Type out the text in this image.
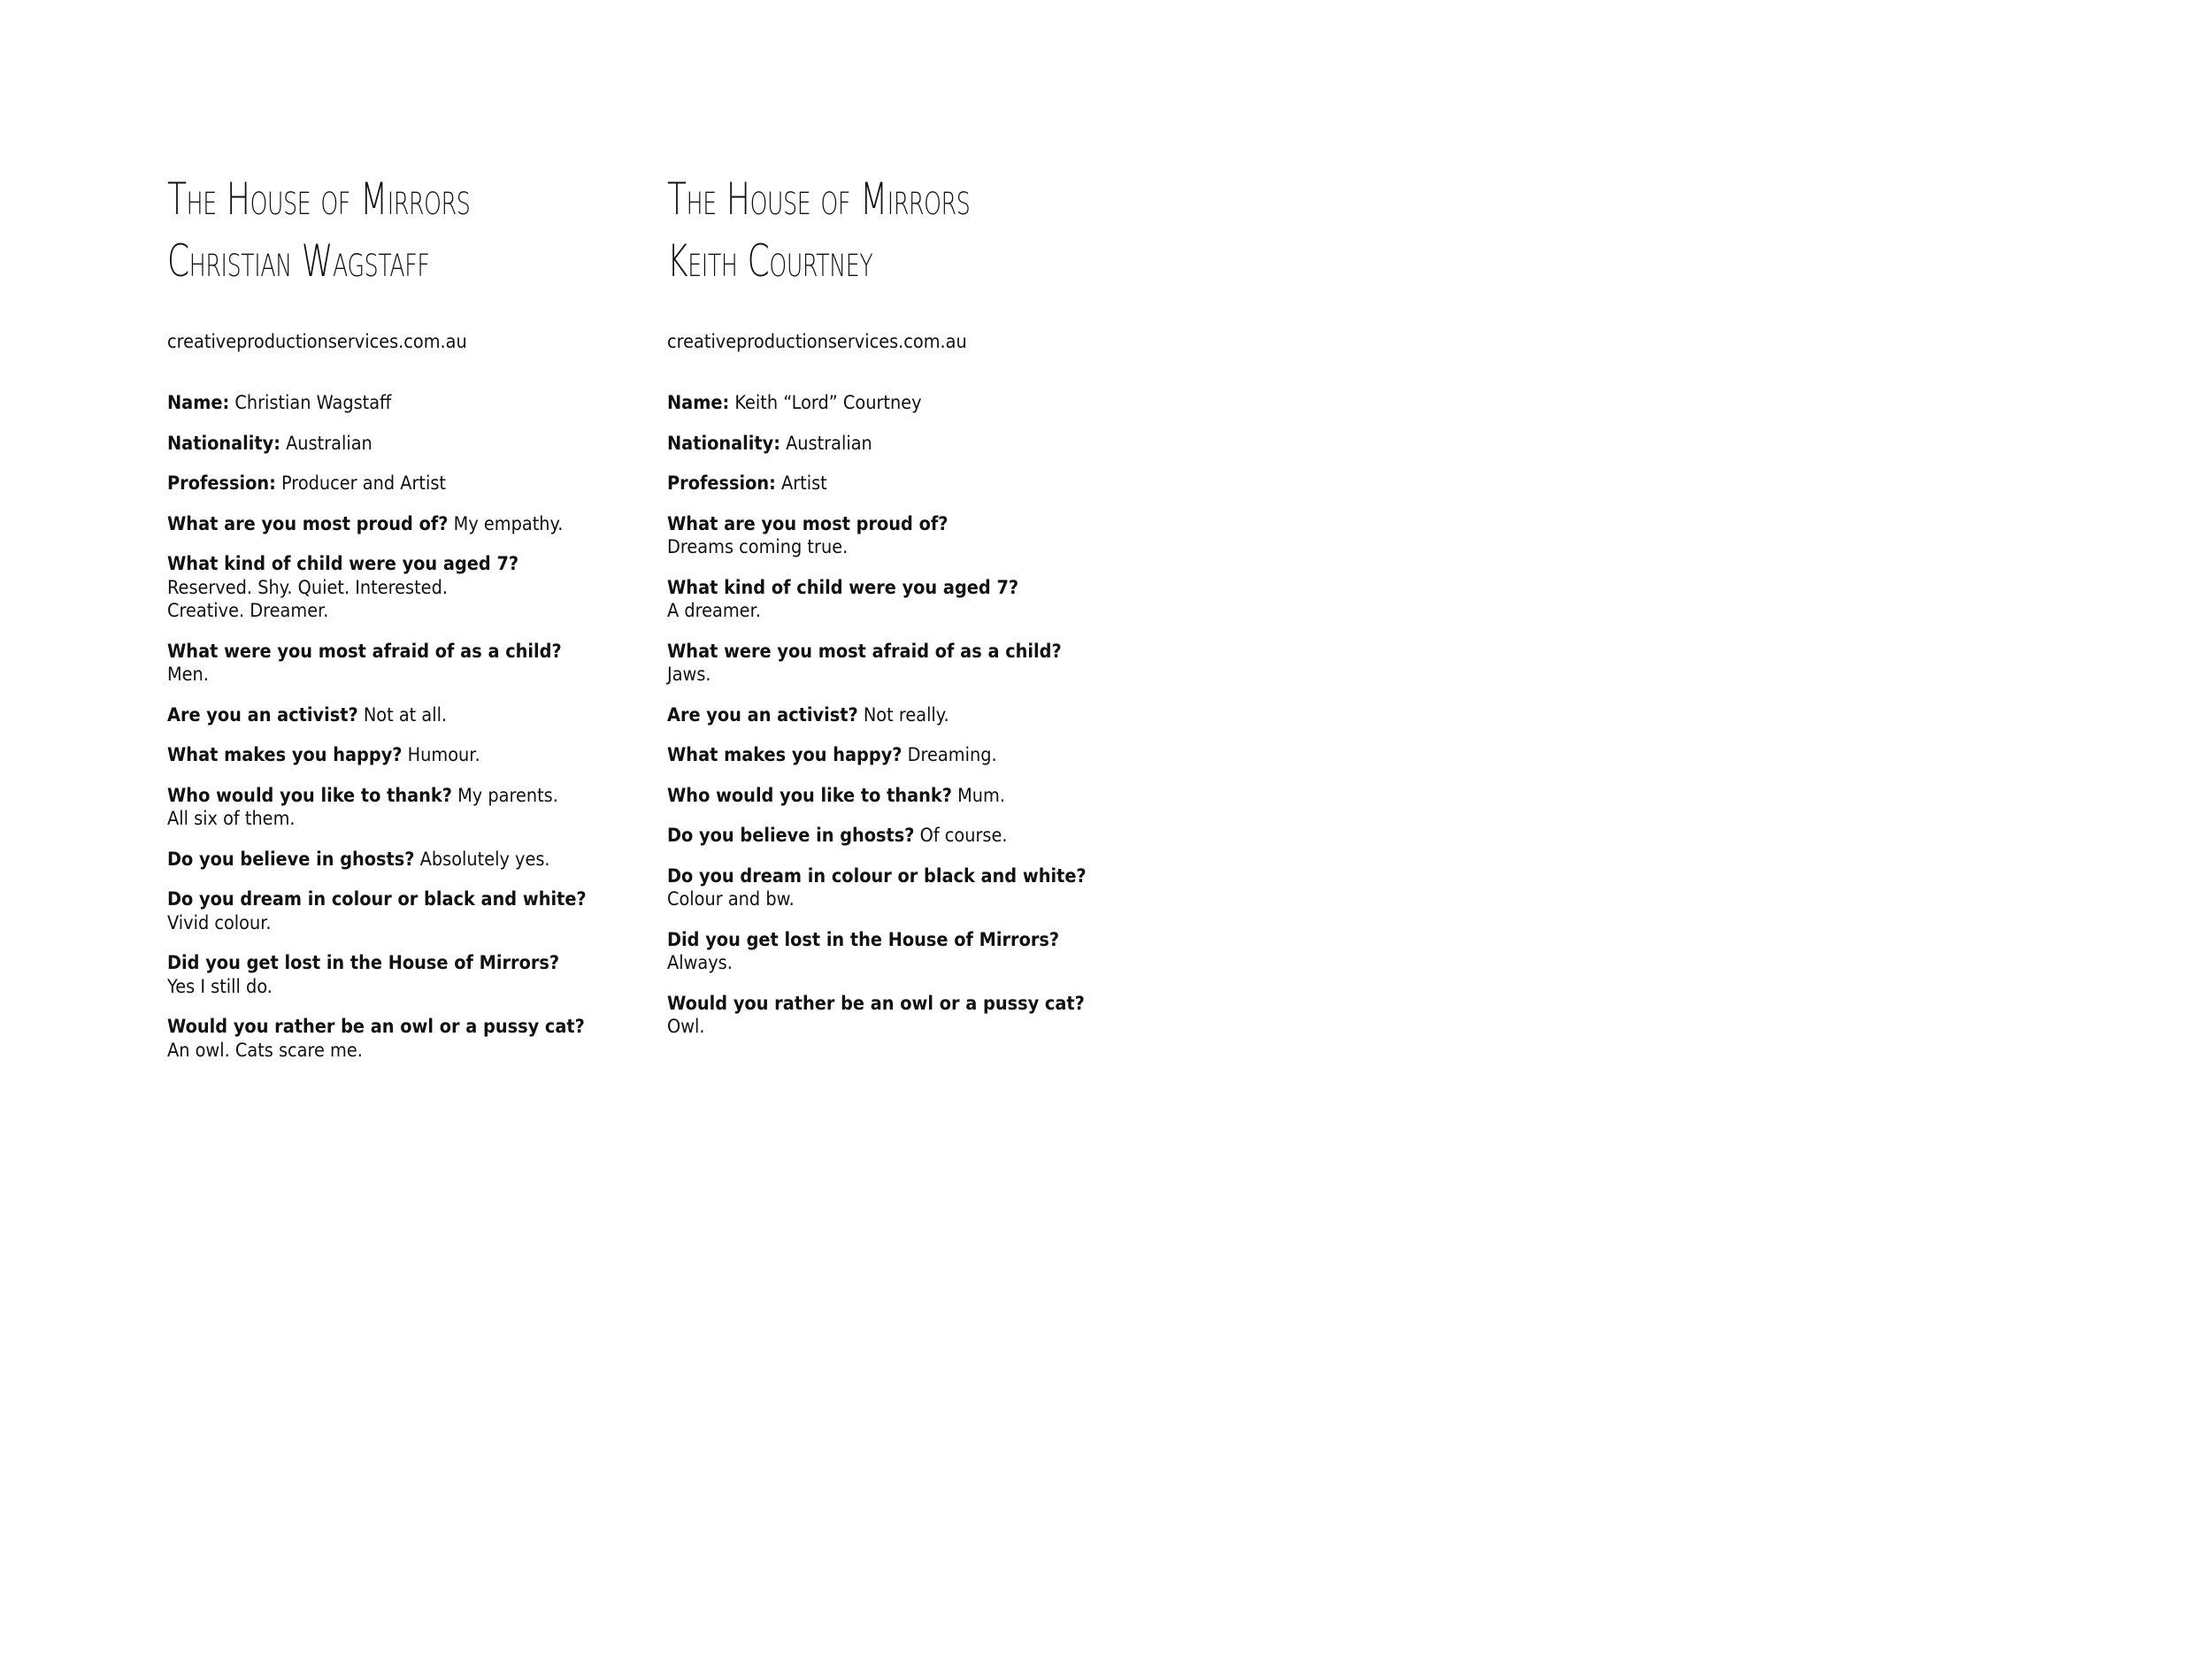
The House of Mirrors
Christian Wagstaff
creativeproductionservices.com.au
Name: Christian Wagstaff
Nationality: Australian
Profession: Producer and Artist
What are you most proud of? My empathy.
What kind of child were you aged 7?
Reserved. Shy. Quiet. Interested.
Creative. Dreamer.
What were you most afraid of as a child?
Men.
Are you an activist? Not at all.
What makes you happy? Humour.
Who would you like to thank? My parents.
All six of them.
Do you believe in ghosts? Absolutely yes.
Do you dream in colour or black and white?
Vivid colour.
Did you get lost in the House of Mirrors?
Yes I still do.
Would you rather be an owl or a pussy cat?
An owl. Cats scare me.
The House of Mirrors
Keith Courtney
creativeproductionservices.com.au
Name: Keith “Lord” Courtney
Nationality: Australian
Profession: Artist
What are you most proud of?
Dreams coming true.
What kind of child were you aged 7?
A dreamer.
What were you most afraid of as a child?
Jaws.
Are you an activist? Not really.
What makes you happy? Dreaming.
Who would you like to thank? Mum.
Do you believe in ghosts? Of course.
Do you dream in colour or black and white?
Colour and bw.
Did you get lost in the House of Mirrors?
Always.
Would you rather be an owl or a pussy cat?
Owl.
